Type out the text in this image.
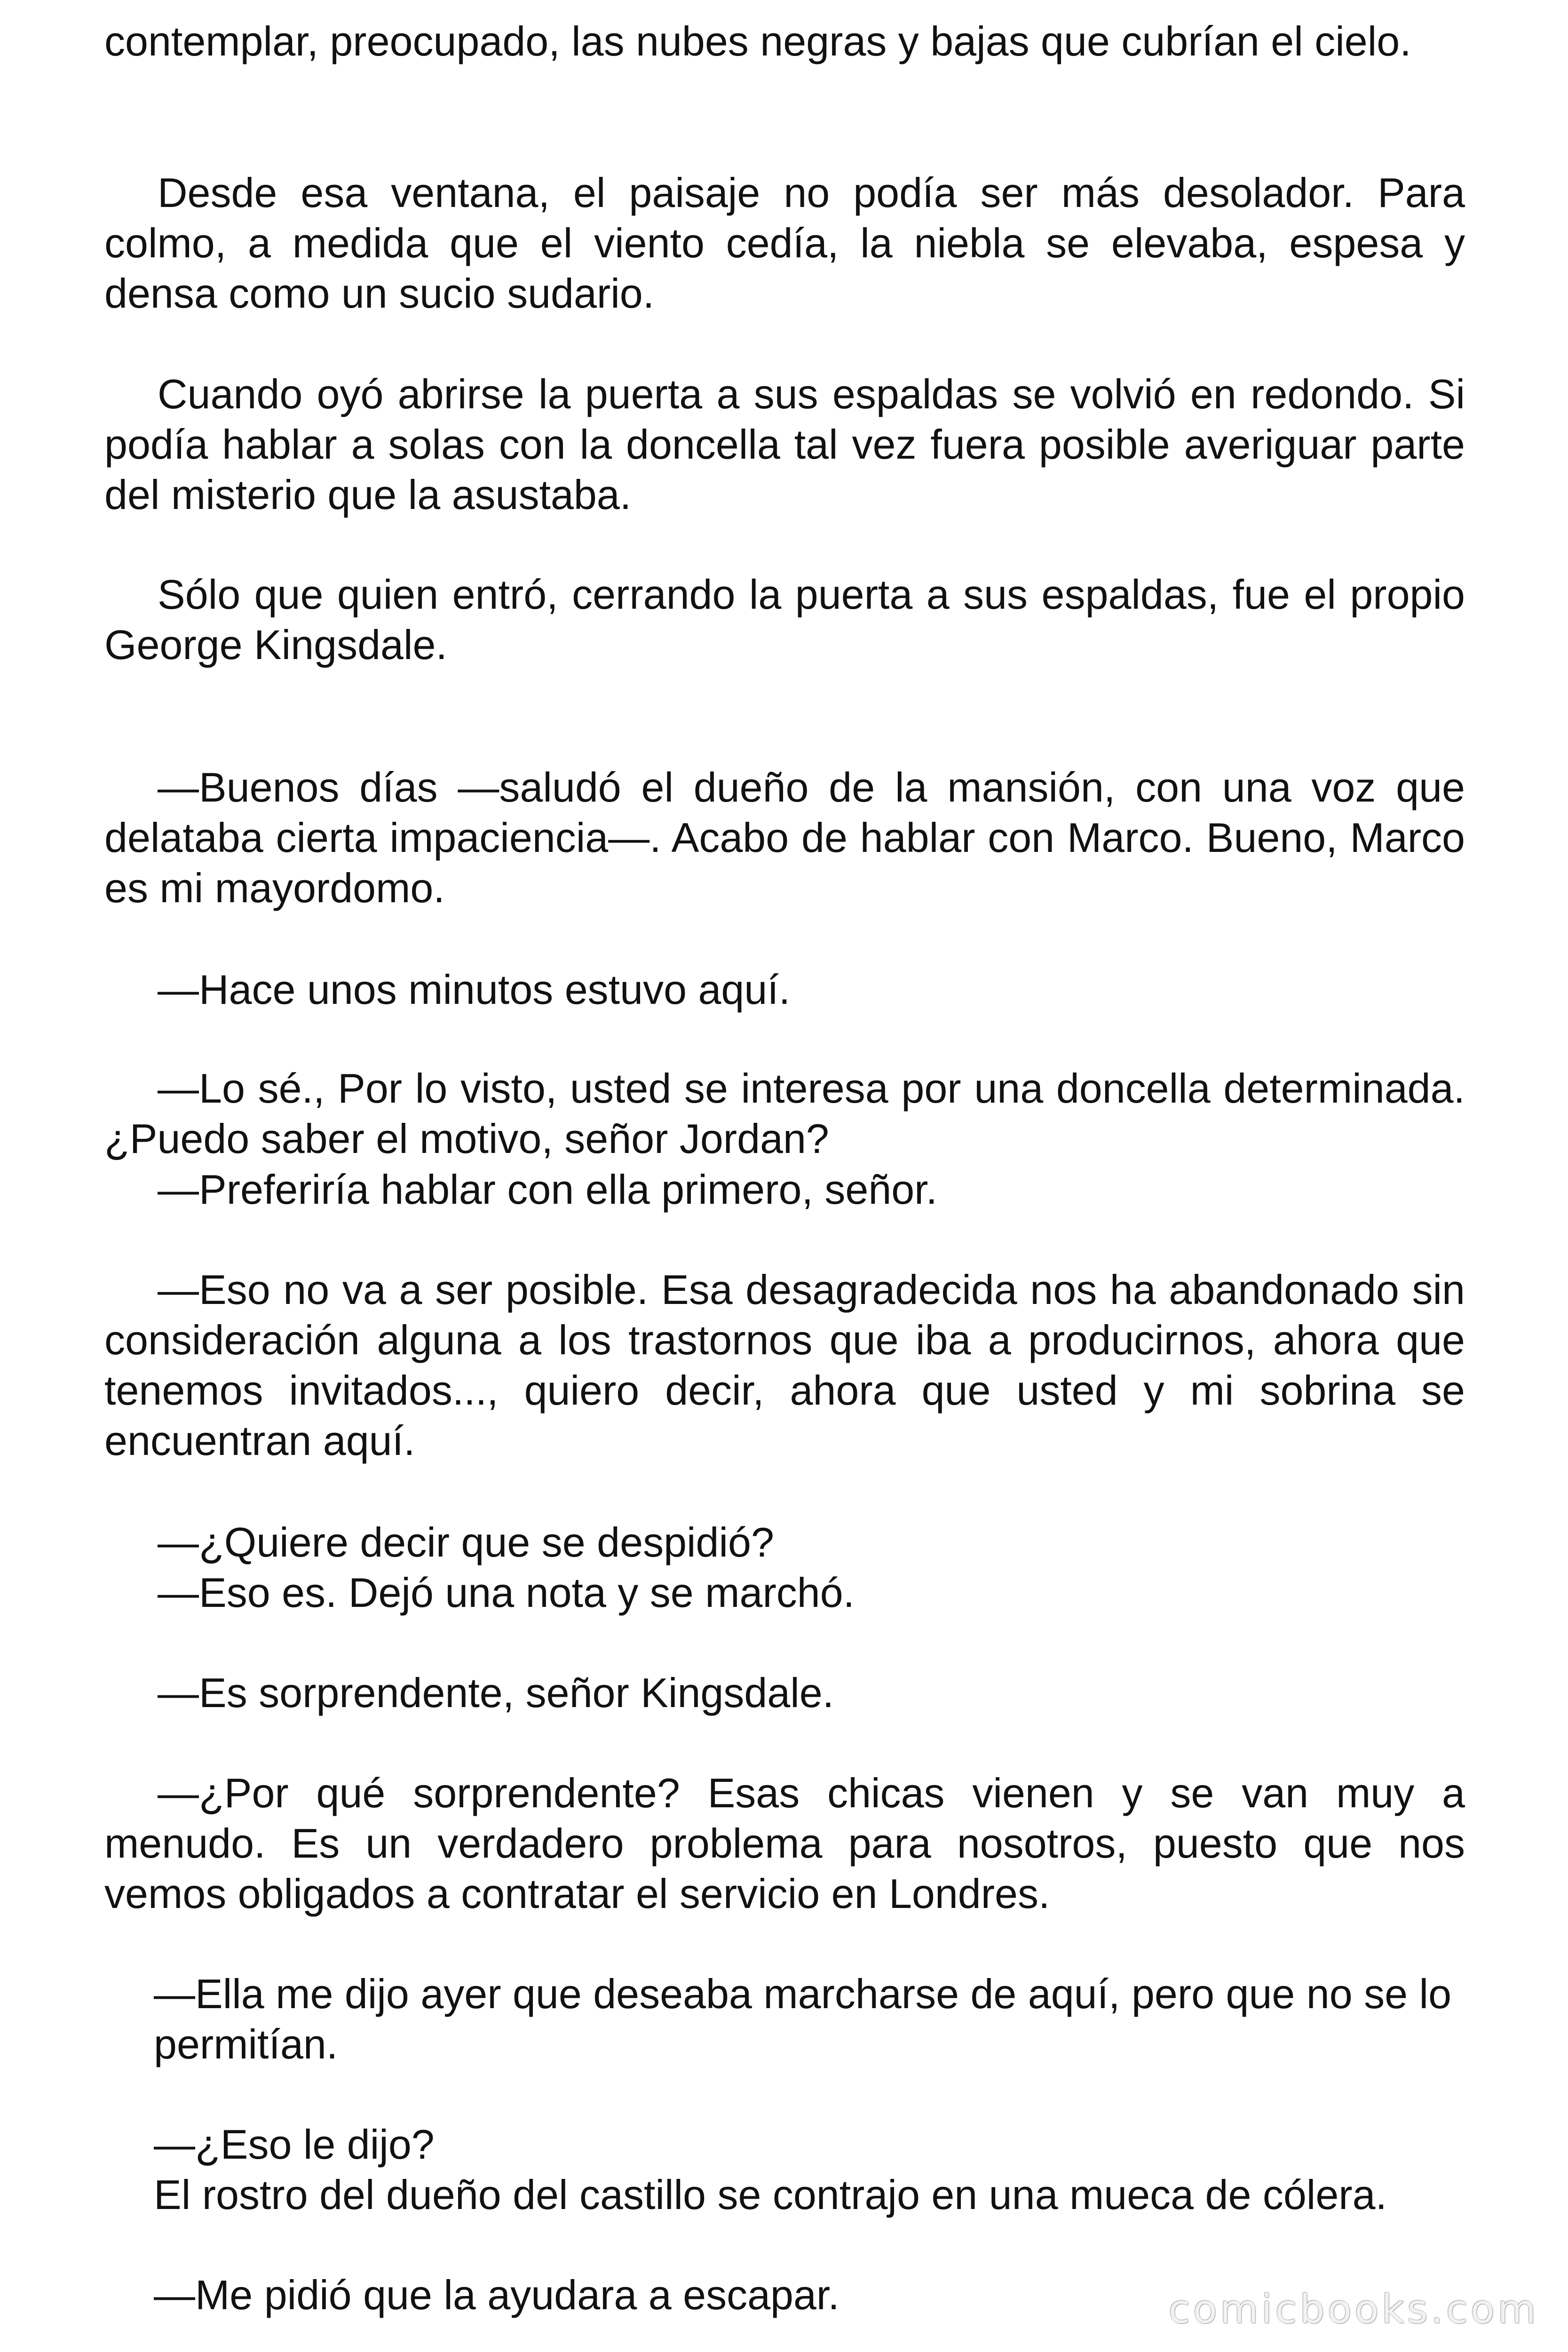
contemplar, preocupado, las nubes negras y bajas que cubrían el cielo.

Desde esa ventana, el paisaje no podía ser más desolador. Para colmo, a medida que el viento cedía, la niebla se elevaba, espesa y densa como un sucio sudario.

Cuando oyó abrirse la puerta a sus espaldas se volvió en redondo. Si podía hablar a solas con la doncella tal vez fuera posible averiguar parte del misterio que la asustaba.

Sólo que quien entró, cerrando la puerta a sus espaldas, fue el propio George Kingsdale.

—Buenos días —saludó el dueño de la mansión, con una voz que delataba cierta impaciencia—. Acabo de hablar con Marco. Bueno, Marco es mi mayordomo.

—Hace unos minutos estuvo aquí.

—Lo sé., Por lo visto, usted se interesa por una doncella determinada. ¿Puedo saber el motivo, señor Jordan?

—Preferiría hablar con ella primero, señor.

—Eso no va a ser posible. Esa desagradecida nos ha abandonado sin consideración alguna a los trastornos que iba a producirnos, ahora que tenemos invitados..., quiero decir, ahora que usted y mi sobrina se encuentran aquí.

—¿Quiere decir que se despidió?

—Eso es. Dejó una nota y se marchó.

—Es sorprendente, señor Kingsdale.

—¿Por qué sorprendente? Esas chicas vienen y se van muy a menudo. Es un verdadero problema para nosotros, puesto que nos vemos obligados a contratar el servicio en Londres.

—Ella me dijo ayer que deseaba marcharse de aquí, pero que no se lo permitían.

—¿Eso le dijo?

El rostro del dueño del castillo se contrajo en una mueca de cólera.

—Me pidió que la ayudara a escapar.	comicbooks.com
